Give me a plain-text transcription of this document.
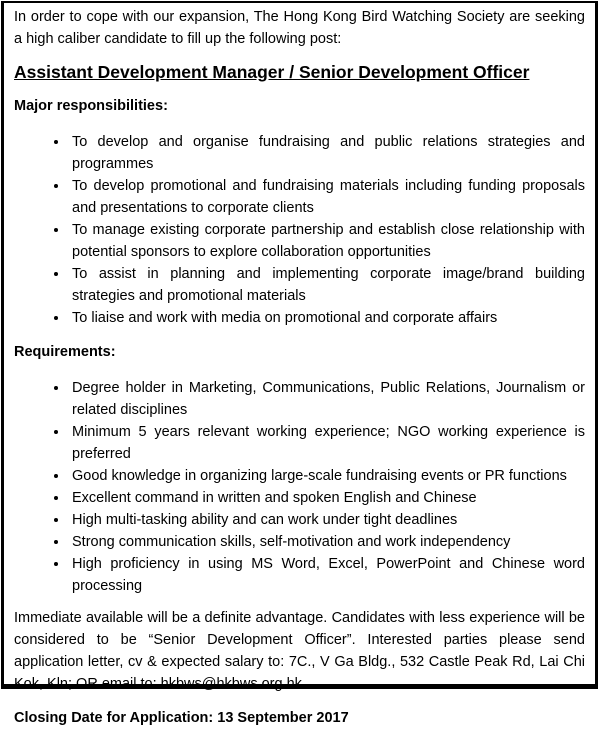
In order to cope with our expansion, The Hong Kong Bird Watching Society are seeking a high caliber candidate to fill up the following post:

Assistant Development Manager / Senior Development Officer
Major responsibilities:
• To develop and organise fundraising and public relations strategies and programmes
• To develop promotional and fundraising materials including funding proposals and presentations to corporate clients
• To manage existing corporate partnership and establish close relationship with potential sponsors to explore collaboration opportunities
• To assist in planning and implementing corporate image/brand building strategies and promotional materials
• To liaise and work with media on promotional and corporate affairs
Requirements:
• Degree holder in Marketing, Communications, Public Relations, Journalism or related disciplines
• Minimum 5 years relevant working experience; NGO working experience is preferred
• Good knowledge in organizing large-scale fundraising events or PR functions
• Excellent command in written and spoken English and Chinese
• High multi-tasking ability and can work under tight deadlines
• Strong communication skills, self-motivation and work independency
• High proficiency in using MS Word, Excel, PowerPoint and Chinese word processing

Immediate available will be a definite advantage. Candidates with less experience will be considered to be “Senior Development Officer”. Interested parties please send application letter, cv & expected salary to: 7C., V Ga Bldg., 532 Castle Peak Rd, Lai Chi Kok, Kln; OR email to: hkbws@hkbws.org.hk

Closing Date for Application: 13 September 2017
